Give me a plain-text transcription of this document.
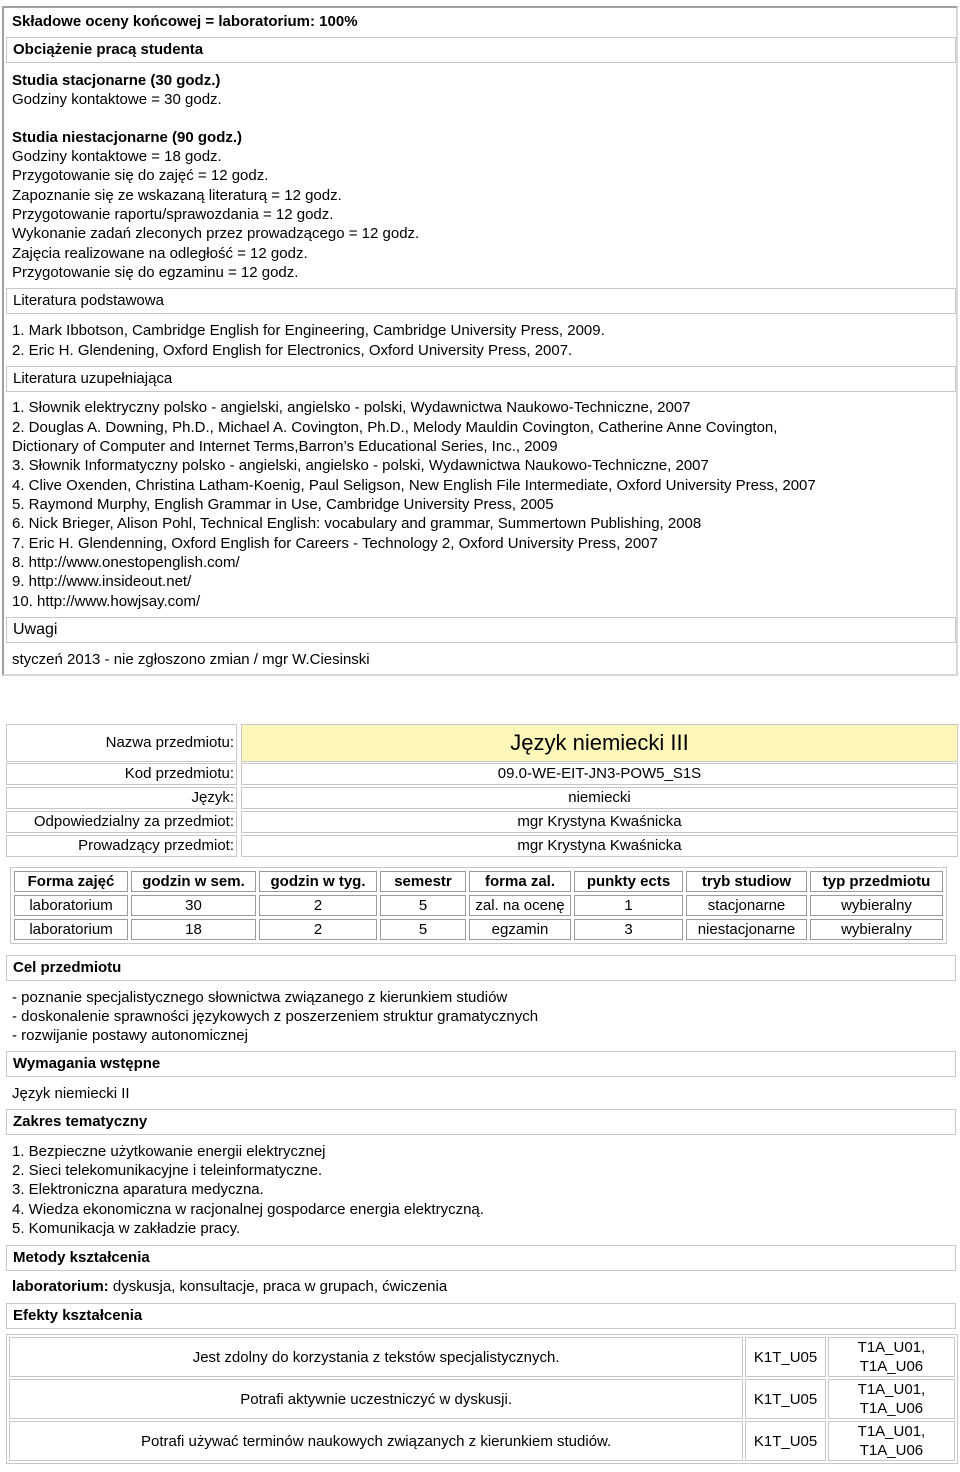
Składowe oceny końcowej = laboratorium: 100%
Obciążenie pracą studenta
Studia stacjonarne (30 godz.)
Godziny kontaktowe = 30 godz.
Studia niestacjonarne (90 godz.)
Godziny kontaktowe = 18 godz.
Przygotowanie się do zajęć = 12 godz.
Zapoznanie się ze wskazaną literaturą = 12 godz.
Przygotowanie raportu/sprawozdania = 12 godz.
Wykonanie zadań zleconych przez prowadzącego = 12 godz.
Zajęcia realizowane na odległość = 12 godz.
Przygotowanie się do egzaminu = 12 godz.
Literatura podstawowa
1. Mark Ibbotson, Cambridge English for Engineering, Cambridge University Press, 2009.
2. Eric H. Glendening, Oxford English for Electronics, Oxford University Press, 2007.
Literatura uzupełniająca
1. Słownik elektryczny polsko - angielski, angielsko - polski, Wydawnictwa Naukowo-Techniczne, 2007
2. Douglas A. Downing, Ph.D., Michael A. Covington, Ph.D., Melody Mauldin Covington, Catherine Anne Covington,
Dictionary of Computer and Internet Terms,Barron’s Educational Series, Inc., 2009
3. Słownik Informatyczny polsko - angielski, angielsko - polski, Wydawnictwa Naukowo-Techniczne, 2007
4. Clive Oxenden, Christina Latham-Koenig, Paul Seligson, New English File Intermediate, Oxford University Press, 2007
5. Raymond Murphy, English Grammar in Use, Cambridge University Press, 2005
6. Nick Brieger, Alison Pohl, Technical English: vocabulary and grammar, Summertown Publishing, 2008
7. Eric H. Glendenning, Oxford English for Careers - Technology 2, Oxford University Press, 2007
8. http://www.onestopenglish.com/
9. http://www.insideout.net/
10. http://www.howjsay.com/
Uwagi
styczeń 2013 - nie zgłoszono zmian / mgr W.Ciesinski
Nazwa przedmiotu:	Język niemiecki III
Kod przedmiotu:	09.0-WE-EIT-JN3-POW5_S1S
Język:	niemiecki
Odpowiedzialny za przedmiot:	mgr Krystyna Kwaśnicka
Prowadzący przedmiot:	mgr Krystyna Kwaśnicka
Forma zajęć	godzin w sem.	godzin w tyg.	semestr	forma zal.	punkty ects	tryb studiow	typ przedmiotu
laboratorium	30	2	5	zal. na ocenę	1	stacjonarne	wybieralny
laboratorium	18	2	5	egzamin	3	niestacjonarne	wybieralny
Cel przedmiotu
- poznanie specjalistycznego słownictwa związanego z kierunkiem studiów
- doskonalenie sprawności językowych z poszerzeniem struktur gramatycznych
- rozwijanie postawy autonomicznej
Wymagania wstępne
Język niemiecki II
Zakres tematyczny
1. Bezpieczne użytkowanie energii elektrycznej
2. Sieci telekomunikacyjne i teleinformatyczne.
3. Elektroniczna aparatura medyczna.
4. Wiedza ekonomiczna w racjonalnej gospodarce energia elektryczną.
5. Komunikacja w zakładzie pracy.
Metody kształcenia
laboratorium: dyskusja, konsultacje, praca w grupach, ćwiczenia
Efekty kształcenia
Jest zdolny do korzystania z tekstów specjalistycznych.	K1T_U05	T1A_U01,
T1A_U06
Potrafi aktywnie uczestniczyć w dyskusji.	K1T_U05	T1A_U01,
T1A_U06
Potrafi używać terminów naukowych związanych z kierunkiem studiów.	K1T_U05	T1A_U01,
T1A_U06
